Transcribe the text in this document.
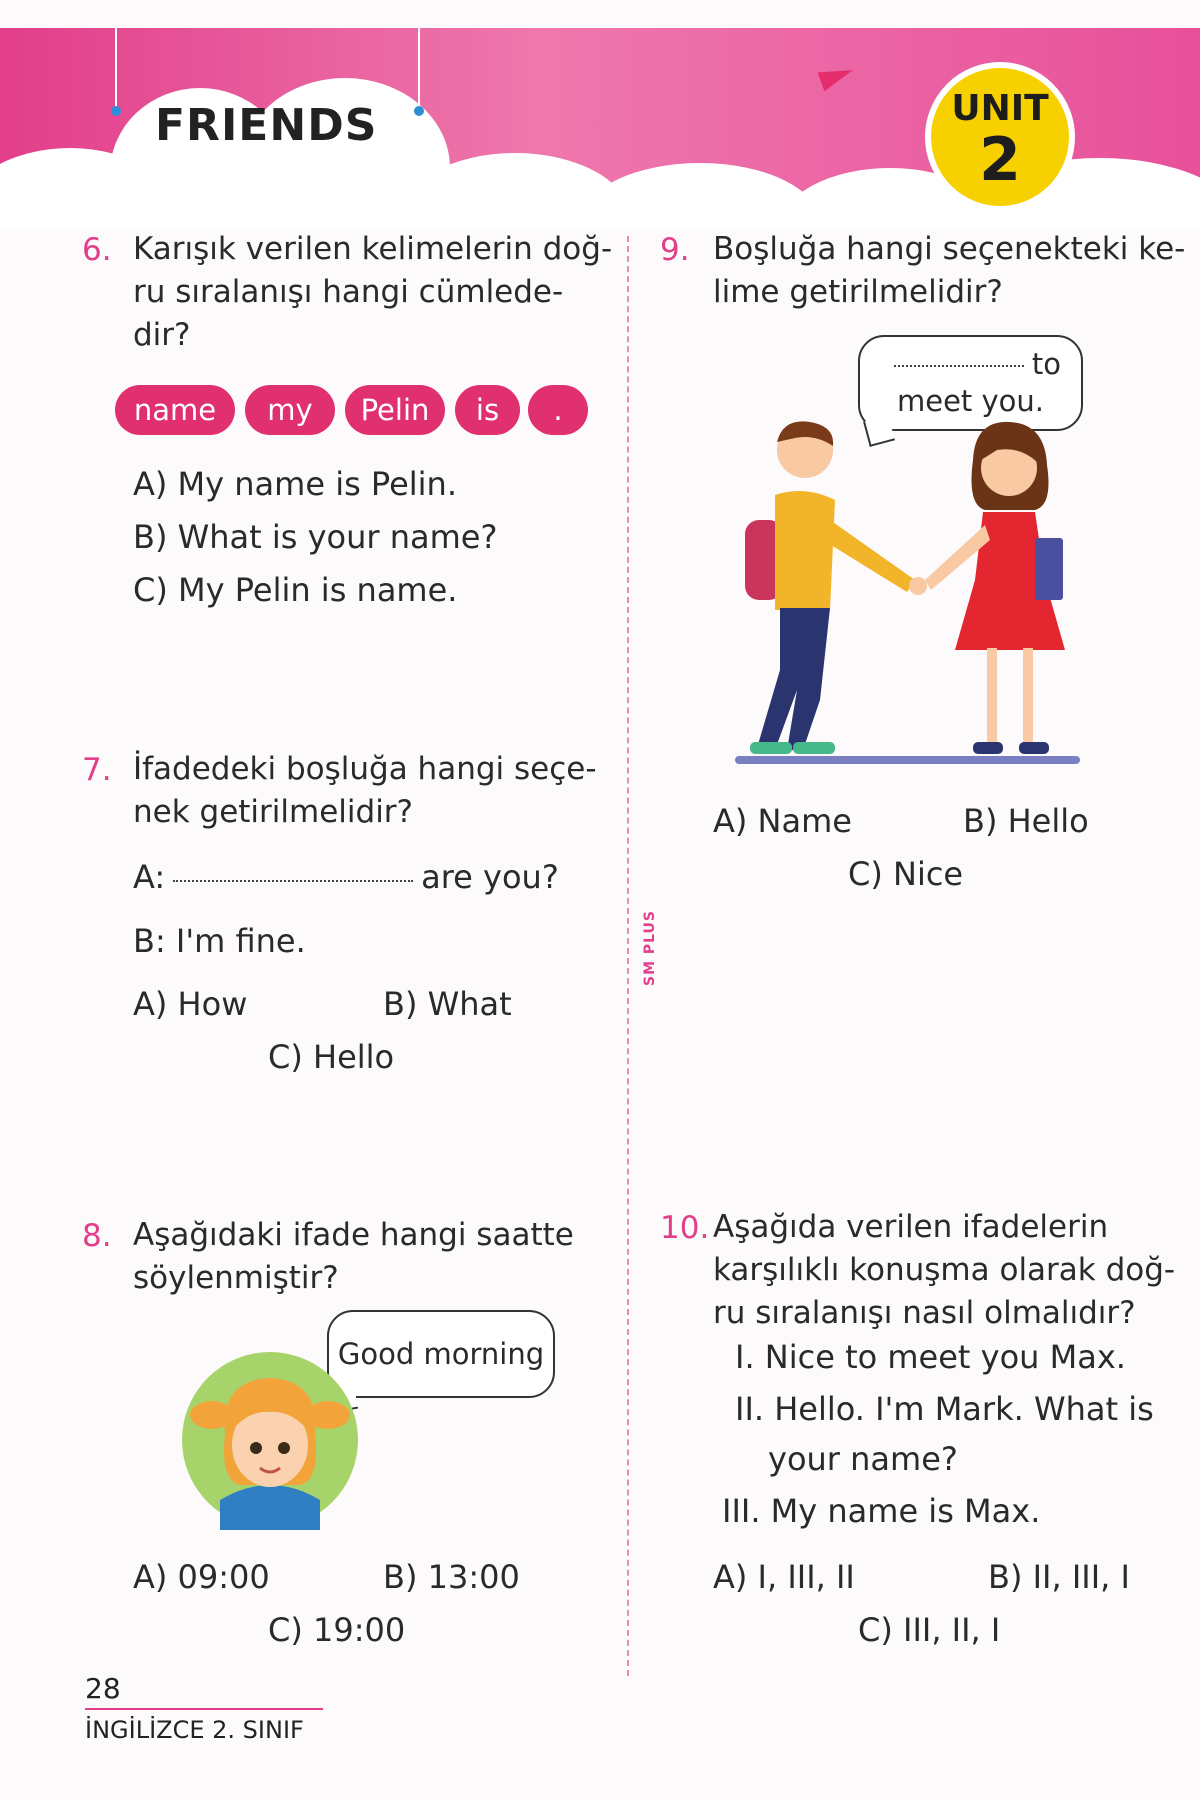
FRIENDS	UNIT
2
SM PLUS
6. Karışık verilen kelimelerin doğ-
ru sıralanışı hangi cümlede-
dir?
name	my	Pelin	is	.
A) My name is Pelin.
B) What is your name?
C) My Pelin is name.
7. İfadedeki boşluğa hangi seçe-
nek getirilmelidir?
A:	are you?
B: I'm fine.
A) How	B) What
C) Hello
8. Aşağıdaki ifade hangi saatte
söylenmiştir?
Good morning
A) 09:00	B) 13:00
C) 19:00
9. Boşluğa hangi seçenekteki ke-
lime getirilmelidir?
to
meet you.
A) Name	B) Hello
C) Nice
10. Aşağıda verilen ifadelerin
karşılıklı konuşma olarak doğ-
ru sıralanışı nasıl olmalıdır?
I. Nice to meet you Max.
II. Hello. I'm Mark. What is
your name?
III. My name is Max.
A) I, III, II	B) II, III, I
C) III, II, I
28
İNGİLİZCE 2. SINIF
